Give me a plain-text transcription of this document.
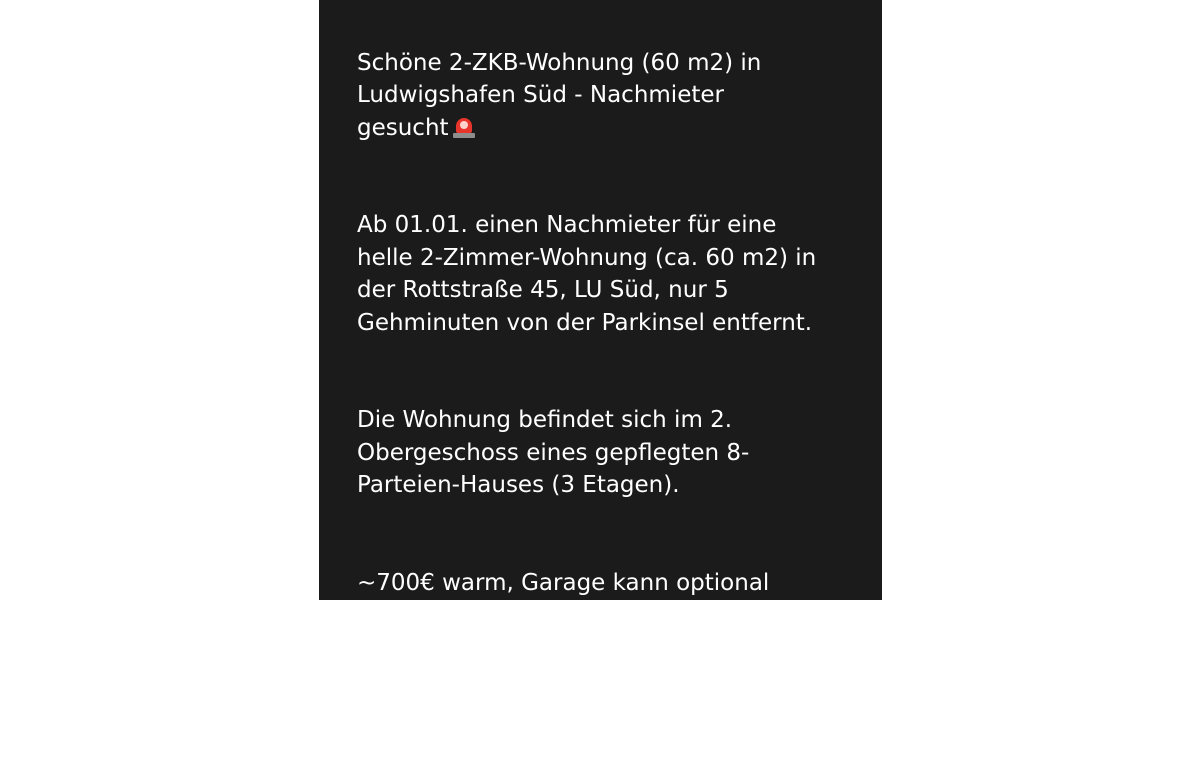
Schöne 2-ZKB-Wohnung (60 m2) in
Ludwigshafen Süd - Nachmieter
gesucht

Ab 01.01. einen Nachmieter für eine
helle 2-Zimmer-Wohnung (ca. 60 m2) in
der Rottstraße 45, LU Süd, nur 5
Gehminuten von der Parkinsel entfernt.

Die Wohnung befindet sich im 2.
Obergeschoss eines gepflegten 8-
Parteien-Hauses (3 Etagen).

~700€ warm, Garage kann optional
übernommen werden für 60€ EUR/M.

Darf gerne geteilt werden.
